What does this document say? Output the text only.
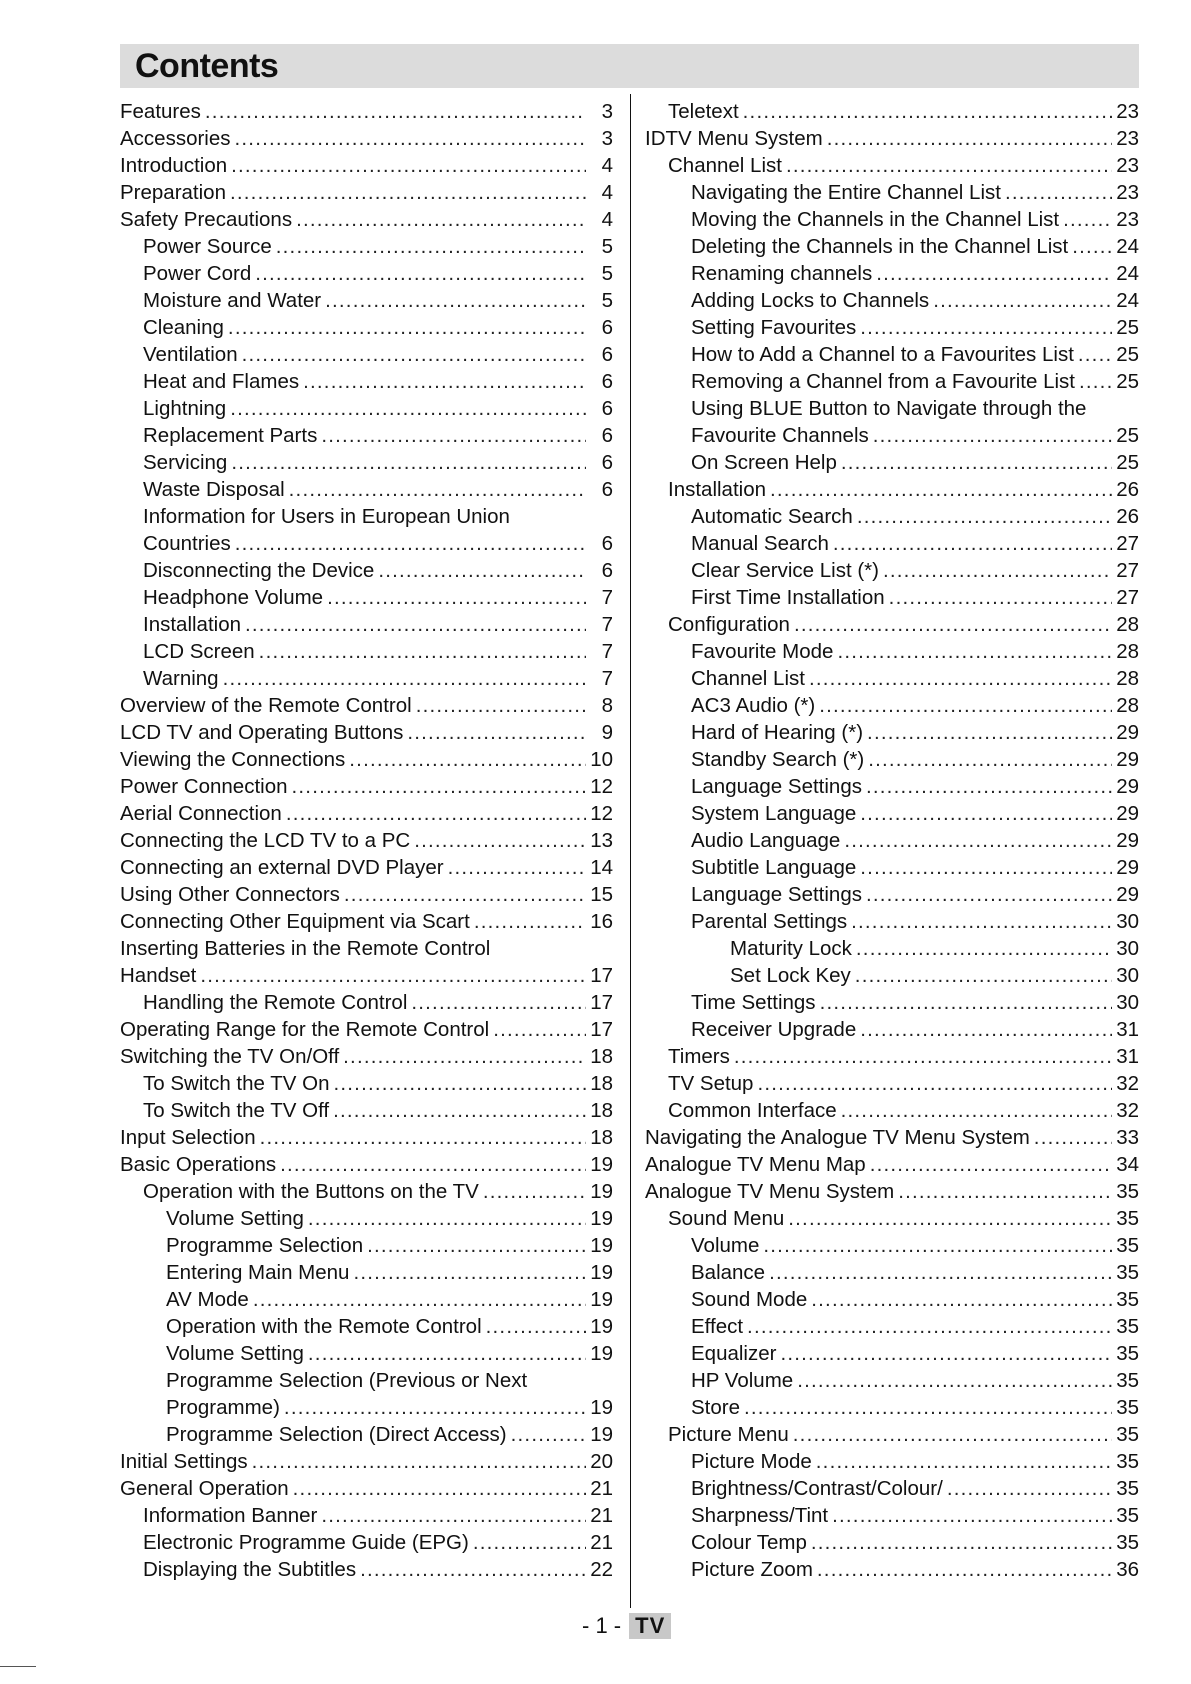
Contents
Features .....	3
Accessories .....	3
Introduction .....	4
Preparation .....	4
Safety Precautions .....	4
Power Source .....	5
Power Cord .....	5
Moisture and Water .....	5
Cleaning .....	6
Ventilation .....	6
Heat and Flames .....	6
Lightning .....	6
Replacement Parts .....	6
Servicing .....	6
Waste Disposal .....	6
Information for Users in European Union
Countries .....	6
Disconnecting the Device .....	6
Headphone Volume .....	7
Installation .....	7
LCD Screen .....	7
Warning .....	7
Overview of the Remote Control .....	8
LCD TV and Operating Buttons .....	9
Viewing the Connections .....	10
Power Connection .....	12
Aerial Connection .....	12
Connecting the LCD TV to a PC .....	13
Connecting an external DVD Player .....	14
Using Other Connectors .....	15
Connecting Other Equipment via Scart .....	16
Inserting Batteries in the Remote Control
Handset .....	17
Handling the Remote Control .....	17
Operating Range for the Remote Control .....	17
Switching the TV On/Off .....	18
To Switch the TV On .....	18
To Switch the TV Off .....	18
Input Selection .....	18
Basic Operations .....	19
Operation with the Buttons on the TV .....	19
Volume Setting .....	19
Programme Selection .....	19
Entering Main Menu .....	19
AV Mode .....	19
Operation with the Remote Control .....	19
Volume Setting .....	19
Programme Selection (Previous or Next
Programme) .....	19
Programme Selection (Direct Access) .....	19
Initial Settings .....	20
General Operation .....	21
Information Banner .....	21
Electronic Programme Guide (EPG) .....	21
Displaying the Subtitles .....	22
Teletext .....	23
IDTV Menu System .....	23
Channel List .....	23
Navigating the Entire Channel List .....	23
Moving the Channels in the Channel List .....	23
Deleting the Channels in the Channel List ..... 24
Renaming channels .....	24
Adding Locks to Channels .....	24
Setting Favourites .....	25
How to Add a Channel to a Favourites List ..... 25
Removing a Channel from a Favourite List ..... 25
Using BLUE Button to Navigate through the
Favourite Channels .....	25
On Screen Help .....	25
Installation .....	26
Automatic Search .....	26
Manual Search .....	27
Clear Service List (*) .....	27
First Time Installation .....	27
Configuration .....	28
Favourite Mode .....	28
Channel List .....	28
AC3 Audio (*) .....	28
Hard of Hearing (*) .....	29
Standby Search (*) .....	29
Language Settings .....	29
System Language .....	29
Audio Language .....	29
Subtitle Language .....	29
Language Settings .....	29
Parental Settings .....	30
Maturity Lock .....	30
Set Lock Key .....	30
Time Settings .....	30
Receiver Upgrade .....	31
Timers .....	31
TV Setup .....	32
Common Interface .....	32
Navigating the Analogue TV Menu System .....	33
Analogue TV Menu Map .....	34
Analogue TV Menu System .....	35
Sound Menu .....	35
Volume .....	35
Balance .....	35
Sound Mode .....	35
Effect .....	35
Equalizer .....	35
HP Volume .....	35
Store .....	35
Picture Menu .....	35
Picture Mode .....	35
Brightness/Contrast/Colour/ .....	35
Sharpness/Tint .....	35
Colour Temp .....	35
Picture Zoom .....	36
- 1 - TV
